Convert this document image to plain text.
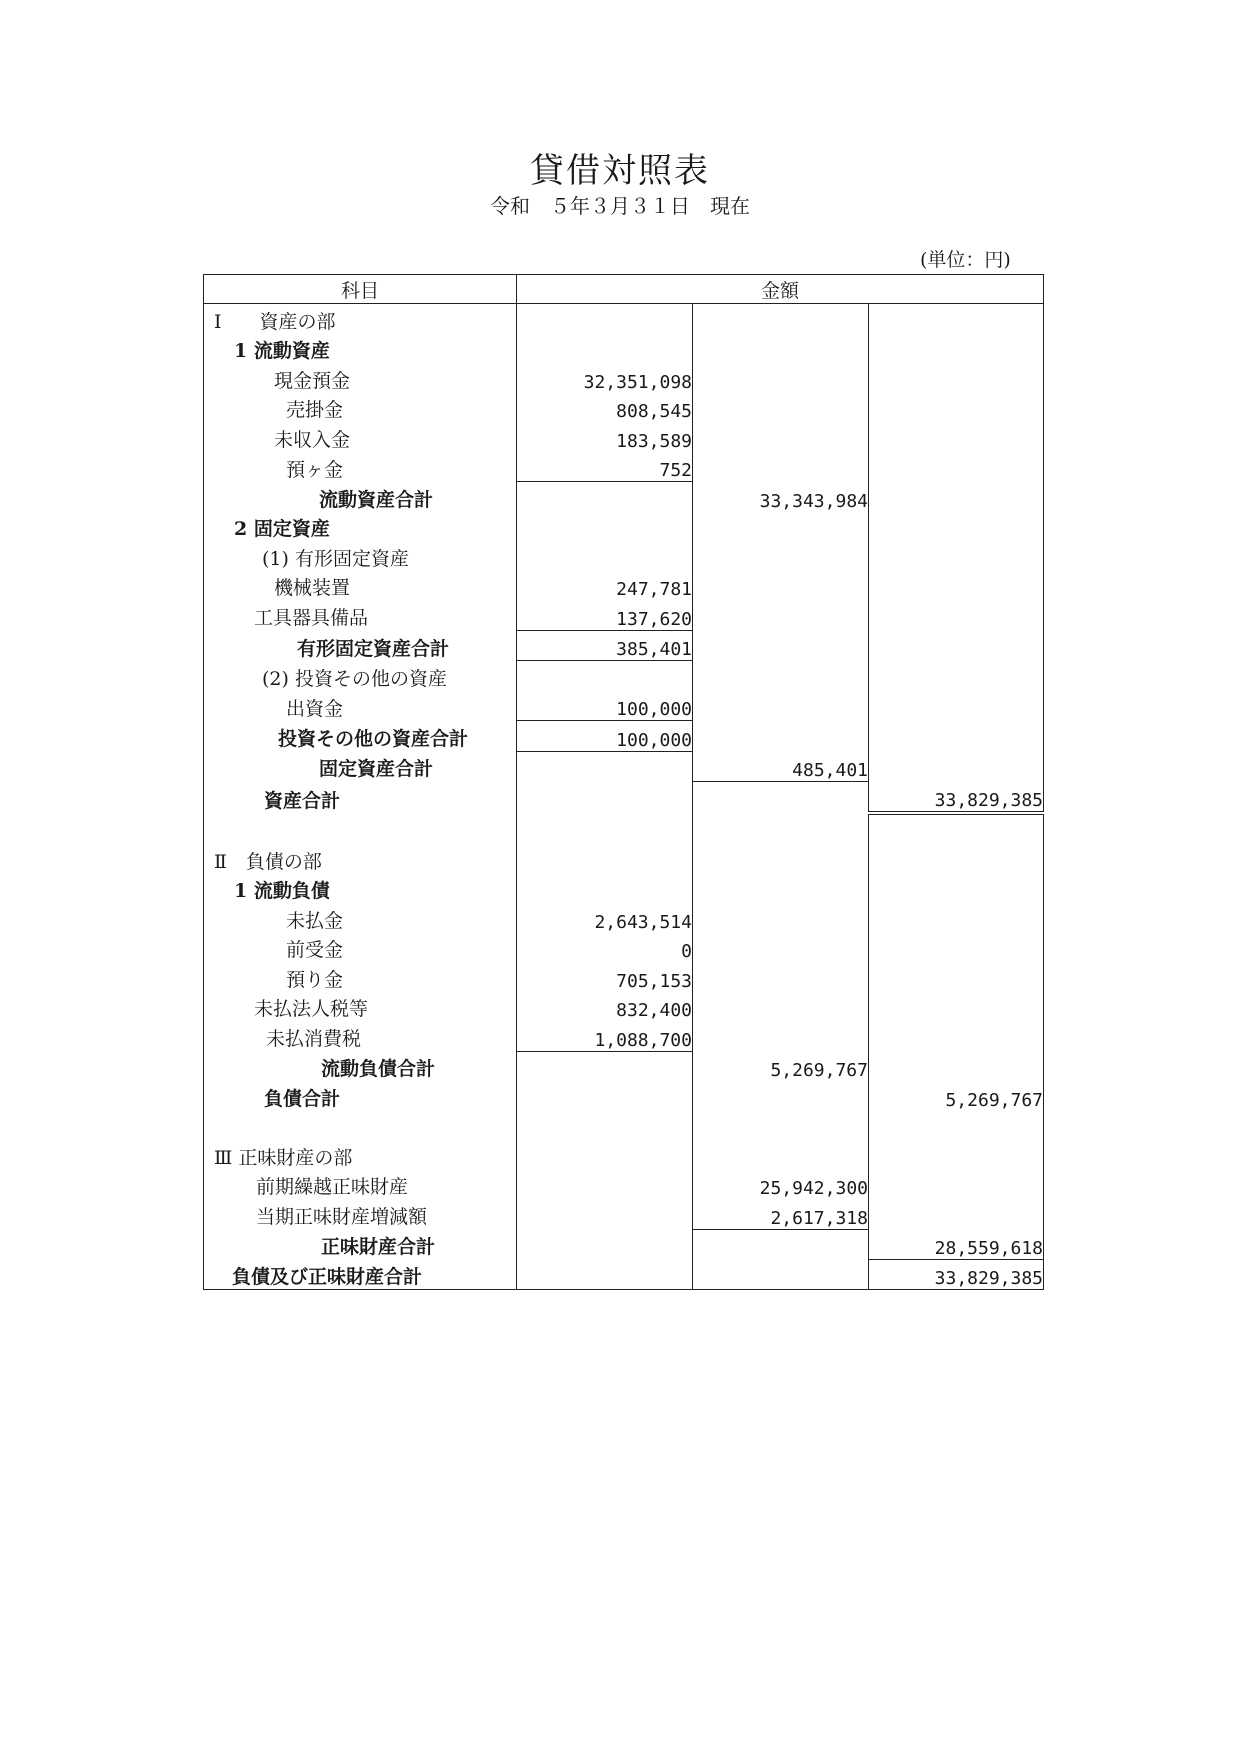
貸借対照表
令和　５年３月３１日　現在
(単位：円)
科目	金額		
Ⅰ　　資産の部			
1 流動資産			
現金預金	32,351,098		
売掛金	808,545		
未収入金	183,589		
預ヶ金	752		
流動資産合計		33,343,984	
2 固定資産			
(1) 有形固定資産			
機械装置	247,781		
工具器具備品	137,620		
有形固定資産合計	385,401		
(2) 投資その他の資産			
出資金	100,000		
投資その他の資産合計	100,000		
固定資産合計		485,401	
資産合計			33,829,385

Ⅱ　負債の部			
1 流動負債			
未払金	2,643,514		
前受金	0		
預り金	705,153		
未払法人税等	832,400		
未払消費税	1,088,700		
流動負債合計		5,269,767	
負債合計			5,269,767

Ⅲ 正味財産の部			
前期繰越正味財産		25,942,300	
当期正味財産増減額		2,617,318	
正味財産合計			28,559,618
負債及び正味財産合計			33,829,385
